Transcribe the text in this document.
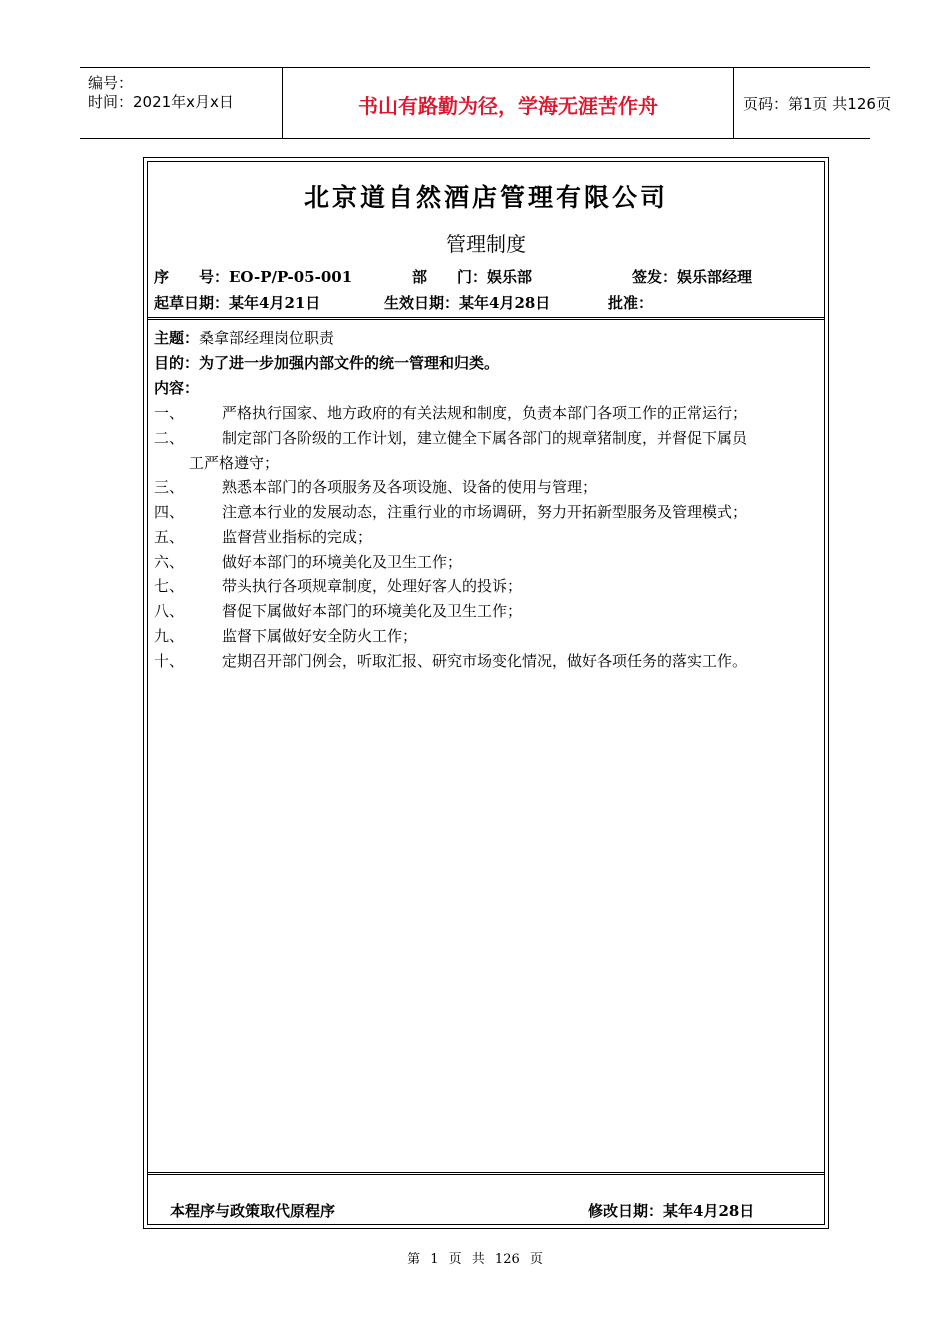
编号：
时间：2021年x月x日	书山有路勤为径，学海无涯苦作舟	页码：第1页 共126页
北京道自然酒店管理有限公司
管理制度
序　　号：EO-P/P-05-001	部　　门：娱乐部	签发：娱乐部经理
起草日期：某年4月21日	生效日期：某年4月28日	批准：
主题：桑拿部经理岗位职责
目的：为了进一步加强内部文件的统一管理和归类。
内容：
一、	严格执行国家、地方政府的有关法规和制度，负责本部门各项工作的正常运行；
二、	制定部门各阶级的工作计划，建立健全下属各部门的规章猪制度，并督促下属员
工严格遵守；
三、	熟悉本部门的各项服务及各项设施、设备的使用与管理；
四、	注意本行业的发展动态，注重行业的市场调研，努力开拓新型服务及管理模式；
五、	监督营业指标的完成；
六、	做好本部门的环境美化及卫生工作；
七、	带头执行各项规章制度，处理好客人的投诉；
八、	督促下属做好本部门的环境美化及卫生工作；
九、	监督下属做好安全防火工作；
十、	定期召开部门例会，听取汇报、研究市场变化情况，做好各项任务的落实工作。
本程序与政策取代原程序	修改日期：某年4月28日
第 1 页 共 126 页
